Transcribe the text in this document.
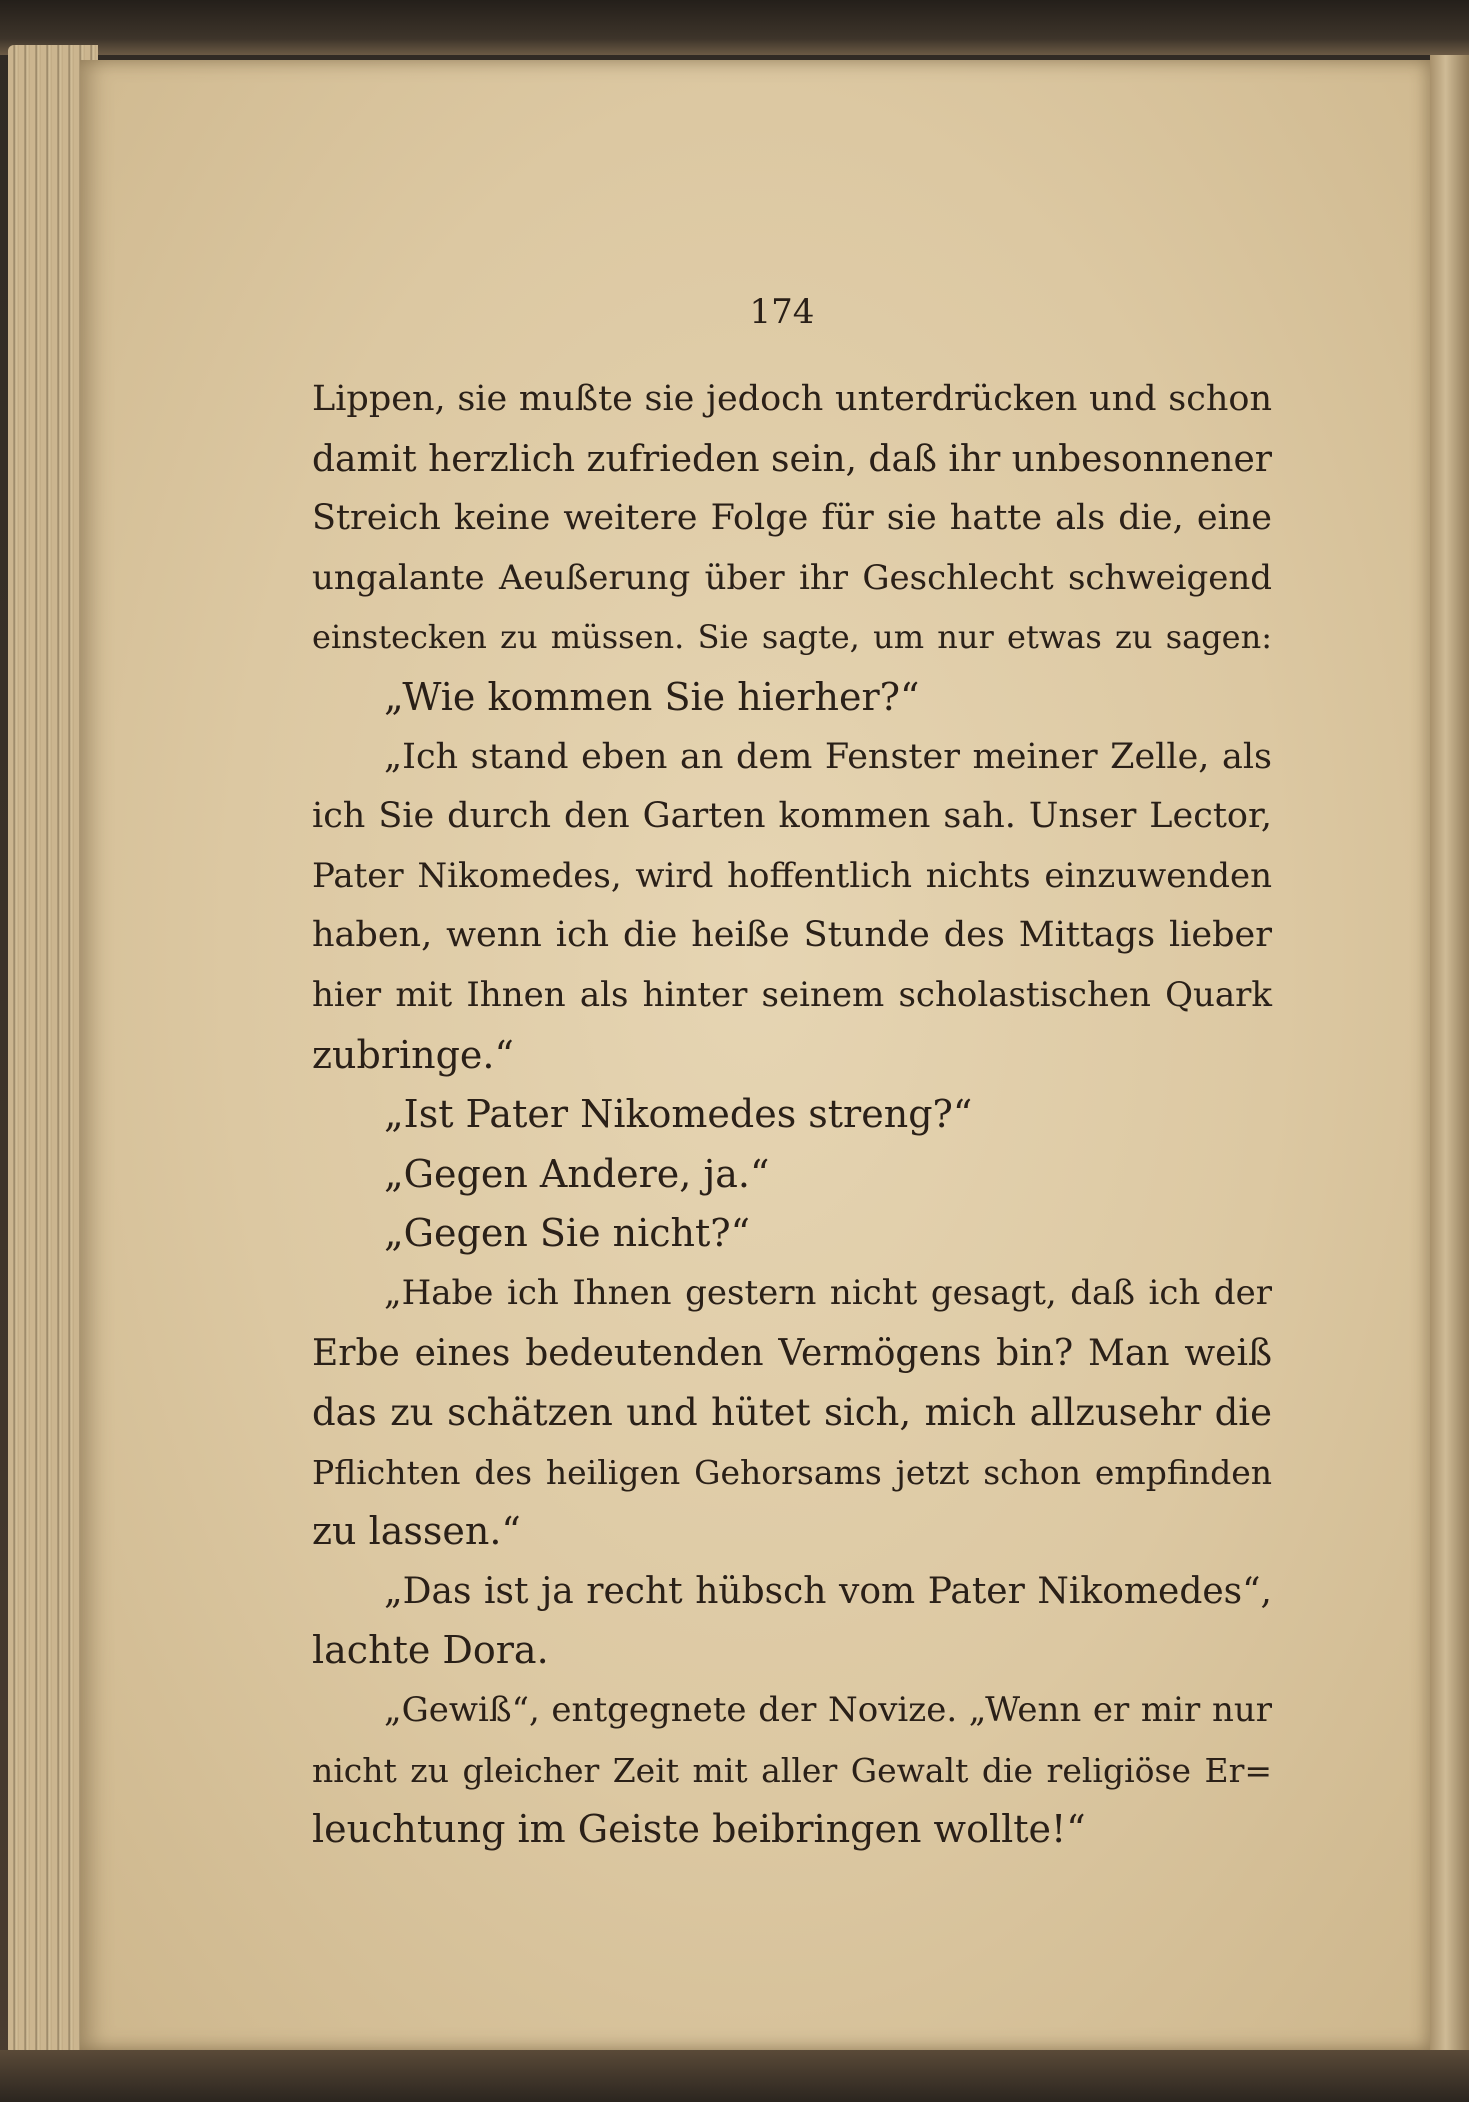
174
Lippen, sie mußte sie jedoch unterdrücken und schon
damit herzlich zufrieden sein, daß ihr unbesonnener
Streich keine weitere Folge für sie hatte als die, eine
ungalante Aeußerung über ihr Geschlecht schweigend
einstecken zu müssen. Sie sagte, um nur etwas zu sagen:
„Wie kommen Sie hierher?“
„Ich stand eben an dem Fenster meiner Zelle, als
ich Sie durch den Garten kommen sah. Unser Lector,
Pater Nikomedes, wird hoffentlich nichts einzuwenden
haben, wenn ich die heiße Stunde des Mittags lieber
hier mit Ihnen als hinter seinem scholastischen Quark
zubringe.“
„Ist Pater Nikomedes streng?“
„Gegen Andere, ja.“
„Gegen Sie nicht?“
„Habe ich Ihnen gestern nicht gesagt, daß ich der
Erbe eines bedeutenden Vermögens bin? Man weiß
das zu schätzen und hütet sich, mich allzusehr die
Pflichten des heiligen Gehorsams jetzt schon empfinden
zu lassen.“
„Das ist ja recht hübsch vom Pater Nikomedes“,
lachte Dora.
„Gewiß“, entgegnete der Novize. „Wenn er mir nur
nicht zu gleicher Zeit mit aller Gewalt die religiöse Er=
leuchtung im Geiste beibringen wollte!“
